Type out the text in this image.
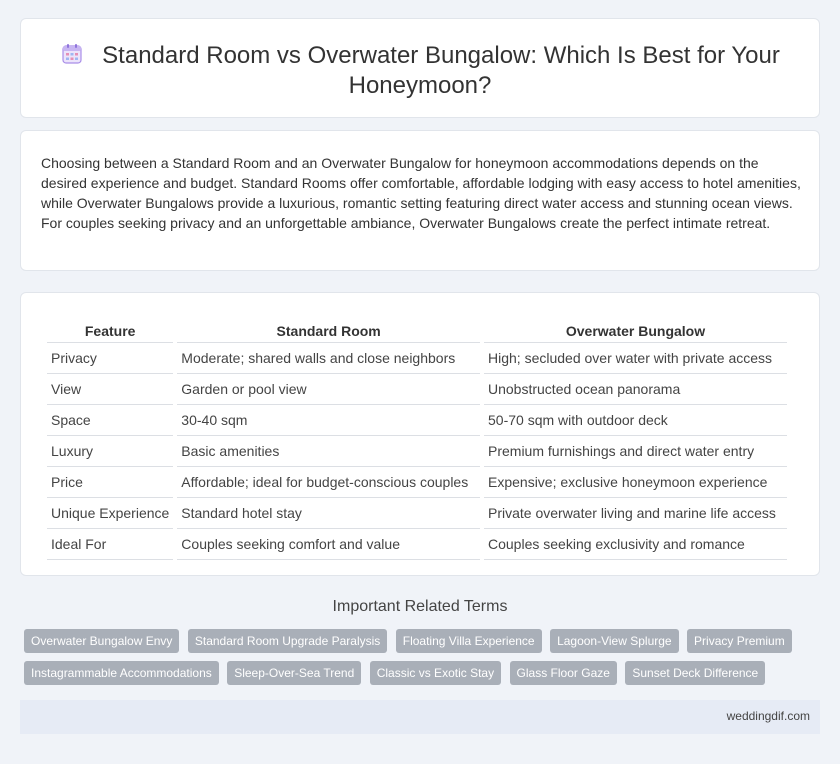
Standard Room vs Overwater Bungalow: Which Is Best for Your Honeymoon?

Choosing between a Standard Room and an Overwater Bungalow for honeymoon accommodations depends on the desired experience and budget. Standard Rooms offer comfortable, affordable lodging with easy access to hotel amenities, while Overwater Bungalows provide a luxurious, romantic setting featuring direct water access and stunning ocean views. For couples seeking privacy and an unforgettable ambiance, Overwater Bungalows create the perfect intimate retreat.

Feature	Standard Room	Overwater Bungalow
Privacy	Moderate; shared walls and close neighbors	High; secluded over water with private access
View	Garden or pool view	Unobstructed ocean panorama
Space	30-40 sqm	50-70 sqm with outdoor deck
Luxury	Basic amenities	Premium furnishings and direct water entry
Price	Affordable; ideal for budget-conscious couples	Expensive; exclusive honeymoon experience
Unique Experience	Standard hotel stay	Private overwater living and marine life access
Ideal For	Couples seeking comfort and value	Couples seeking exclusivity and romance
Important Related Terms
Overwater Bungalow Envy Standard Room Upgrade Paralysis Floating Villa Experience Lagoon-View Splurge Privacy Premium Instagrammable Accommodations Sleep-Over-Sea Trend Classic vs Exotic Stay Glass Floor Gaze Sunset Deck Difference
weddingdif.com
